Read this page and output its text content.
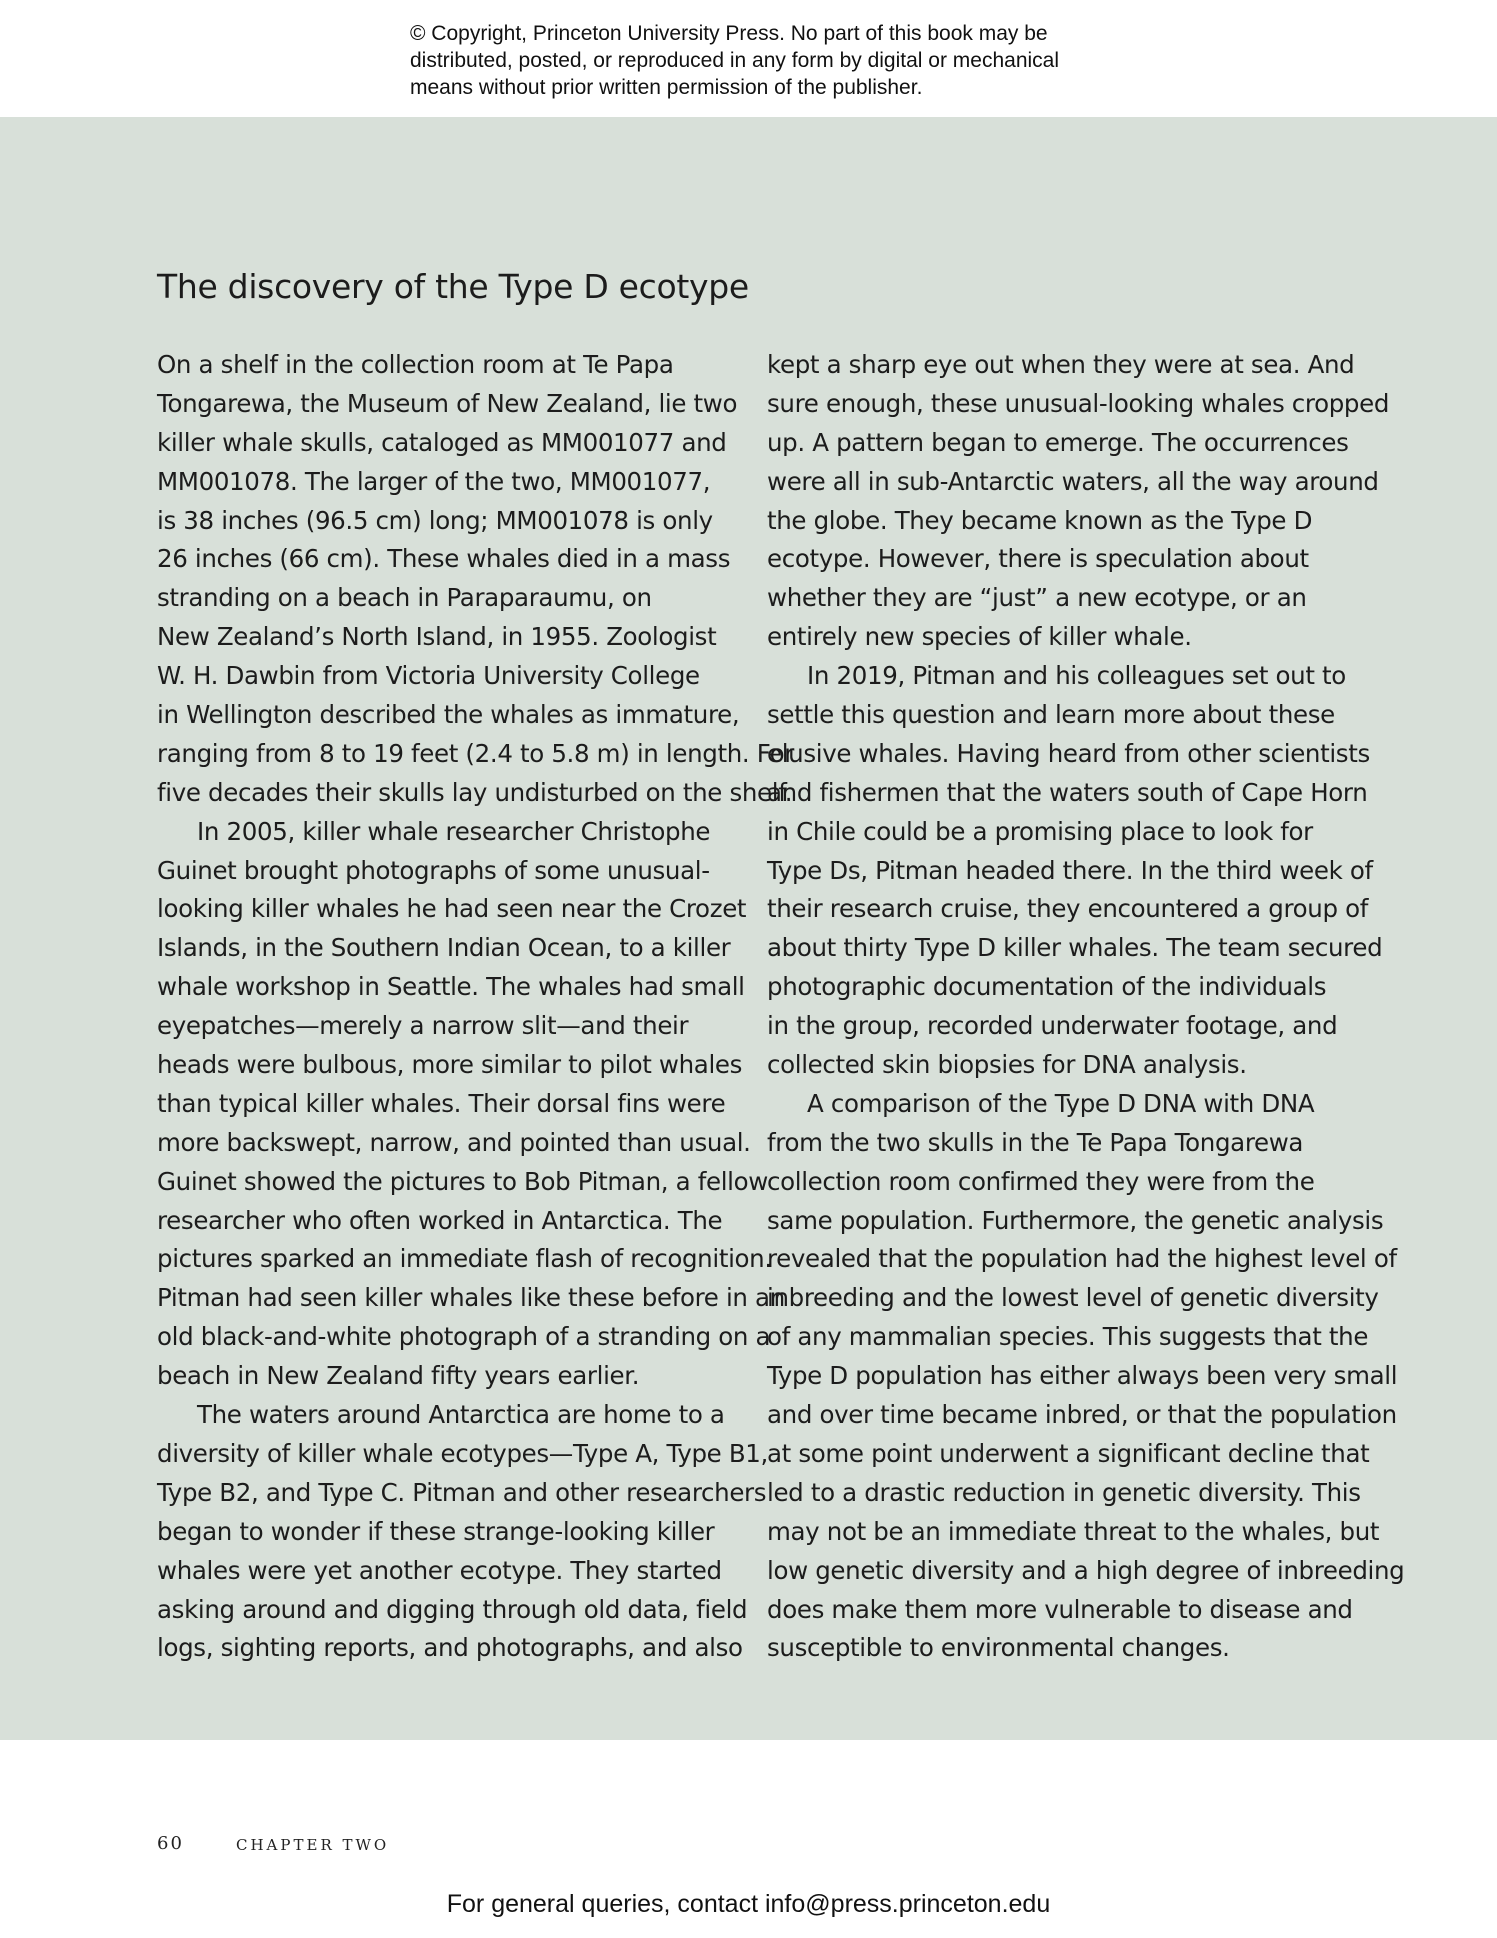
© Copyright, Princeton University Press. No part of this book may be
distributed, posted, or reproduced in any form by digital or mechanical
means without prior written permission of the publisher.
The discovery of the Type D ecotype
On a shelf in the collection room at Te Papa
Tongarewa, the Museum of New Zealand, lie two
killer whale skulls, cataloged as MM001077 and
MM001078. The larger of the two, MM001077,
is 38 inches (96.5 cm) long; MM001078 is only
26 inches (66 cm). These whales died in a mass
stranding on a beach in Paraparaumu, on
New Zealand’s North Island, in 1955. Zoologist
W. H. Dawbin from Victoria University College
in Wellington described the whales as immature,
ranging from 8 to 19 feet (2.4 to 5.8 m) in length. For
five decades their skulls lay undisturbed on the shelf.
In 2005, killer whale researcher Christophe
Guinet brought photographs of some unusual-
looking killer whales he had seen near the Crozet
Islands, in the Southern Indian Ocean, to a killer
whale workshop in Seattle. The whales had small
eyepatches—merely a narrow slit—and their
heads were bulbous, more similar to pilot whales
than typical killer whales. Their dorsal fins were
more backswept, narrow, and pointed than usual.
Guinet showed the pictures to Bob Pitman, a fellow
researcher who often worked in Antarctica. The
pictures sparked an immediate flash of recognition.
Pitman had seen killer whales like these before in an
old black-and-white photograph of a stranding on a
beach in New Zealand fifty years earlier.
The waters around Antarctica are home to a
diversity of killer whale ecotypes—Type A, Type B1,
Type B2, and Type C. Pitman and other researchers
began to wonder if these strange-looking killer
whales were yet another ecotype. They started
asking around and digging through old data, field
logs, sighting reports, and photographs, and also
kept a sharp eye out when they were at sea. And
sure enough, these unusual-looking whales cropped
up. A pattern began to emerge. The occurrences
were all in sub-Antarctic waters, all the way around
the globe. They became known as the Type D
ecotype. However, there is speculation about
whether they are “just” a new ecotype, or an
entirely new species of killer whale.
In 2019, Pitman and his colleagues set out to
settle this question and learn more about these
elusive whales. Having heard from other scientists
and fishermen that the waters south of Cape Horn
in Chile could be a promising place to look for
Type Ds, Pitman headed there. In the third week of
their research cruise, they encountered a group of
about thirty Type D killer whales. The team secured
photographic documentation of the individuals
in the group, recorded underwater footage, and
collected skin biopsies for DNA analysis.
A comparison of the Type D DNA with DNA
from the two skulls in the Te Papa Tongarewa
collection room confirmed they were from the
same population. Furthermore, the genetic analysis
revealed that the population had the highest level of
inbreeding and the lowest level of genetic diversity
of any mammalian species. This suggests that the
Type D population has either always been very small
and over time became inbred, or that the population
at some point underwent a significant decline that
led to a drastic reduction in genetic diversity. This
may not be an immediate threat to the whales, but
low genetic diversity and a high degree of inbreeding
does make them more vulnerable to disease and
susceptible to environmental changes.
60	CHAPTER TWO
For general queries, contact info@press.princeton.edu
